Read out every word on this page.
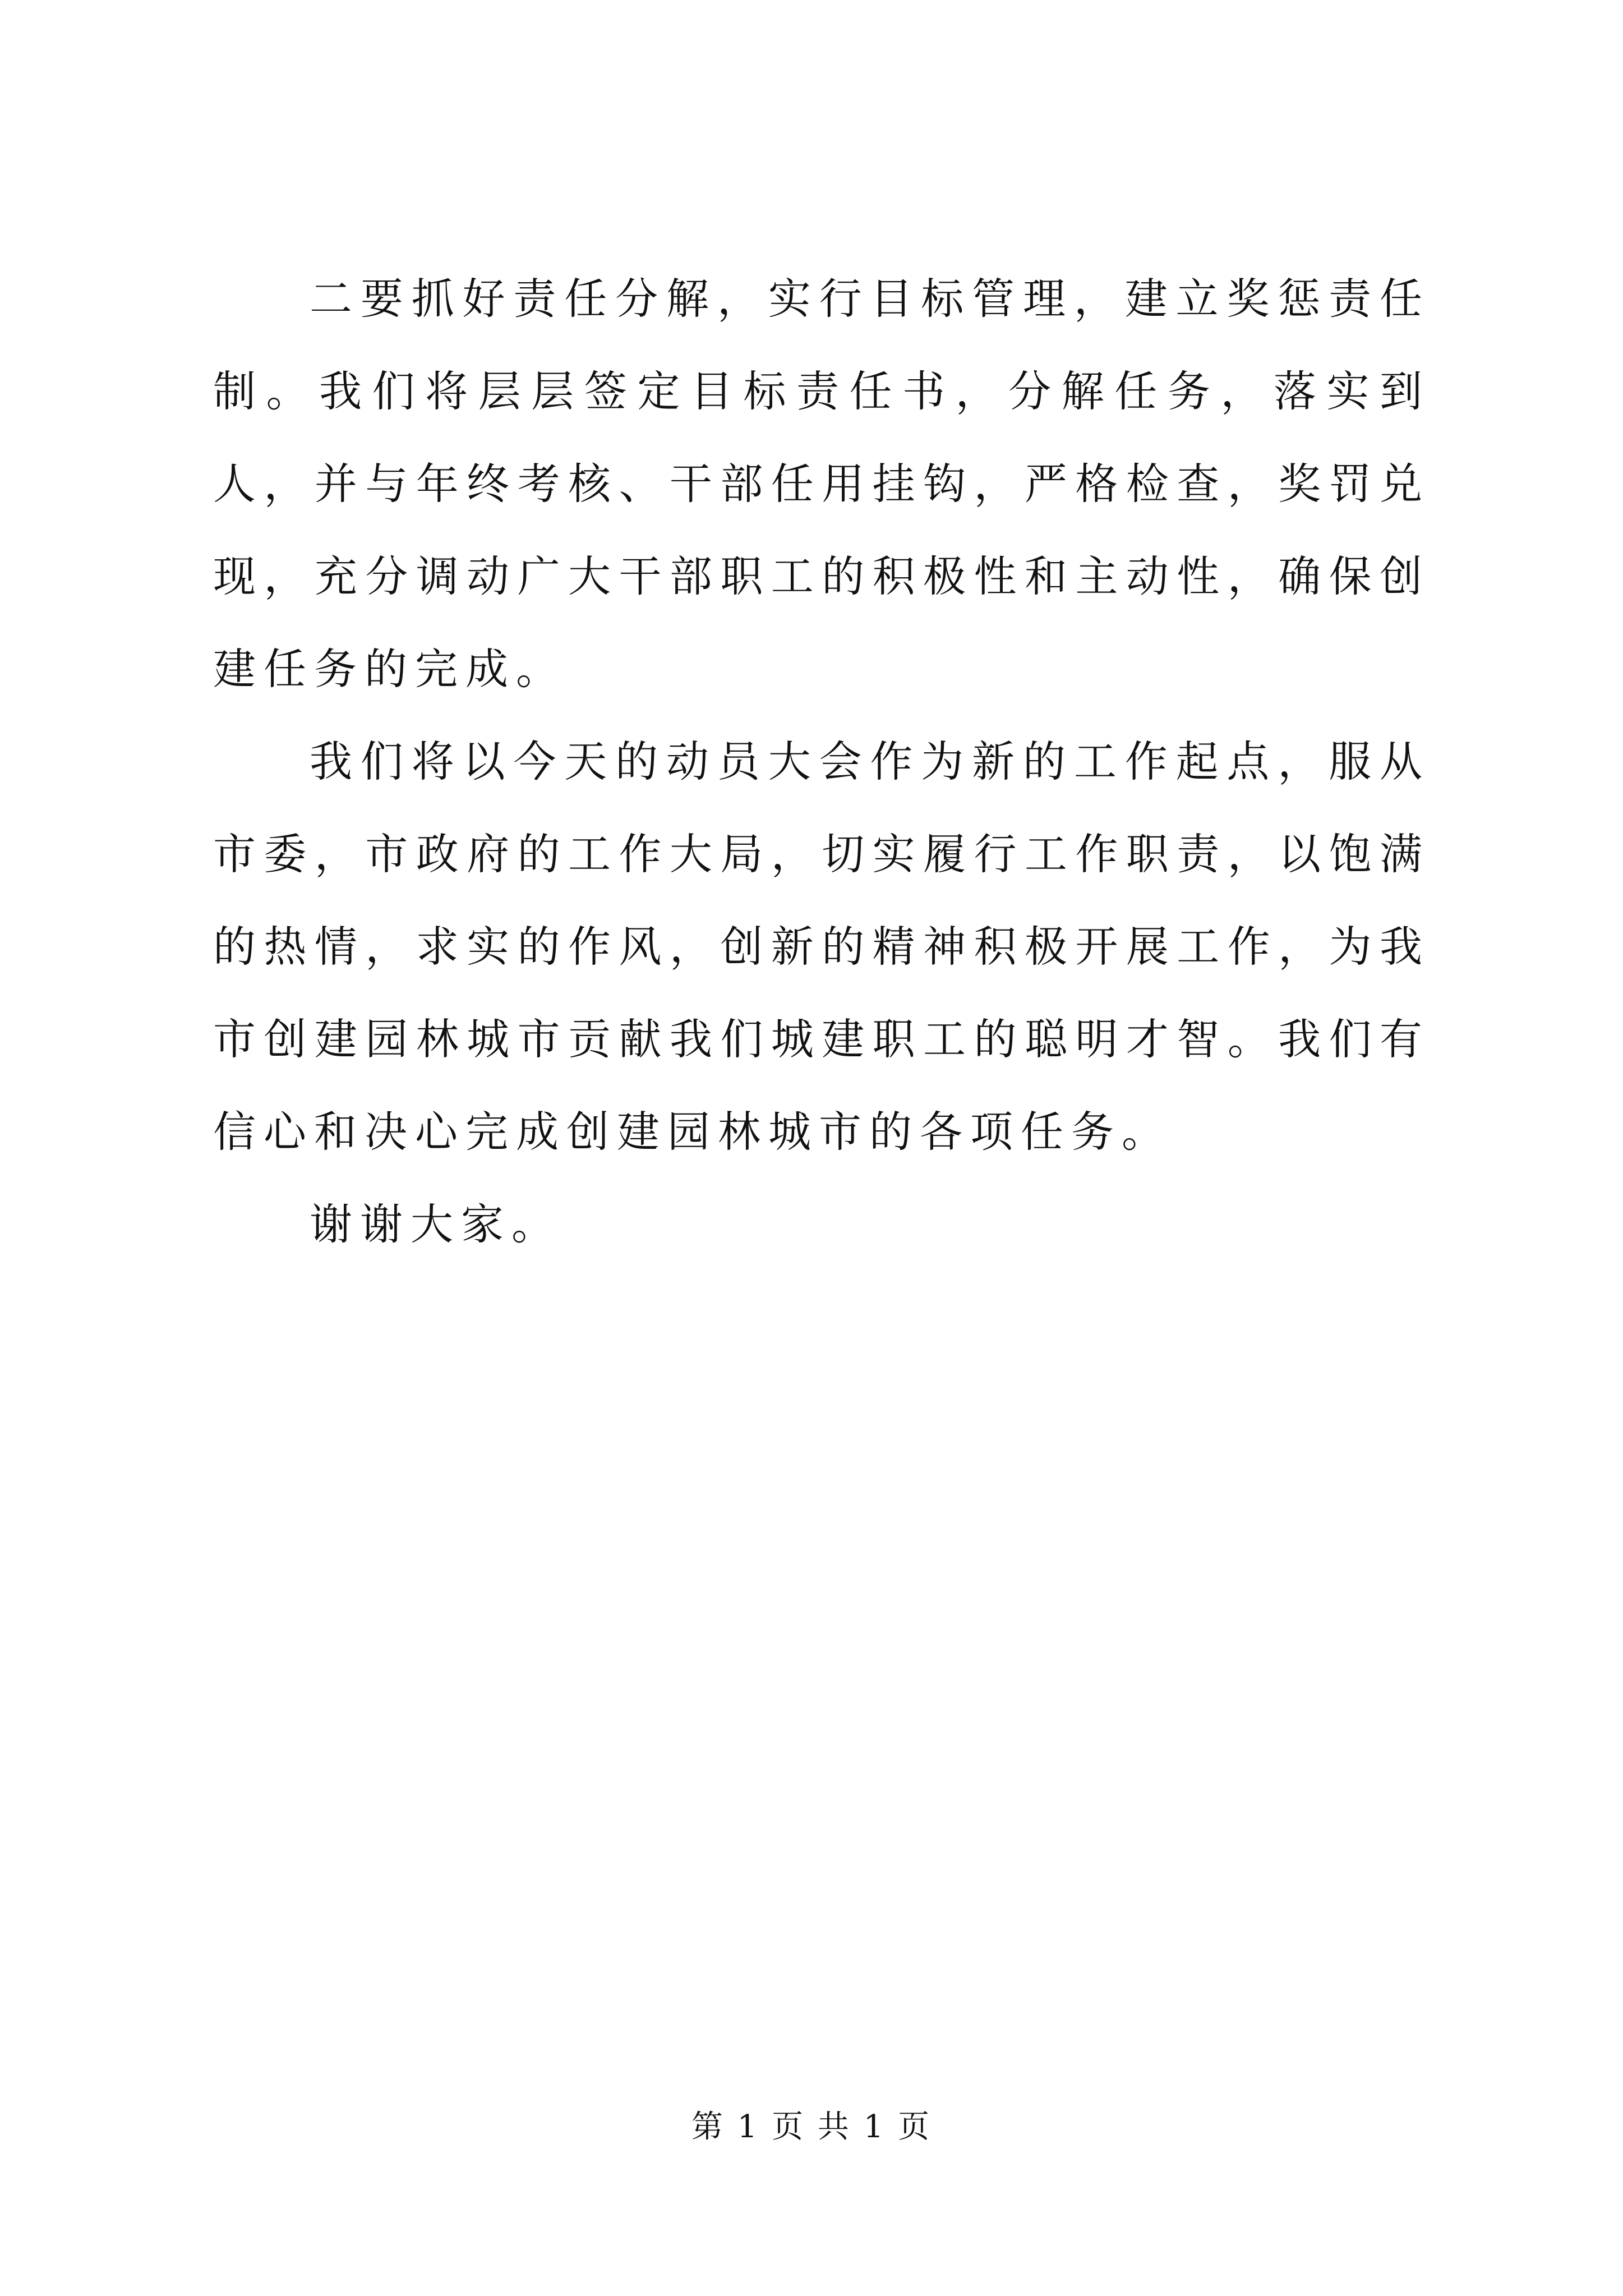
二要抓好责任分解，实行目标管理，建立奖惩责任制。我们将层层签定目标责任书，分解任务，落实到人，并与年终考核、干部任用挂钩，严格检查，奖罚兑现，充分调动广大干部职工的积极性和主动性，确保创建任务的完成。

我们将以今天的动员大会作为新的工作起点，服从市委，市政府的工作大局，切实履行工作职责，以饱满的热情，求实的作风，创新的精神积极开展工作，为我市创建园林城市贡献我们城建职工的聪明才智。我们有信心和决心完成创建园林城市的各项任务。

谢谢大家。

第 1 页 共 1 页
